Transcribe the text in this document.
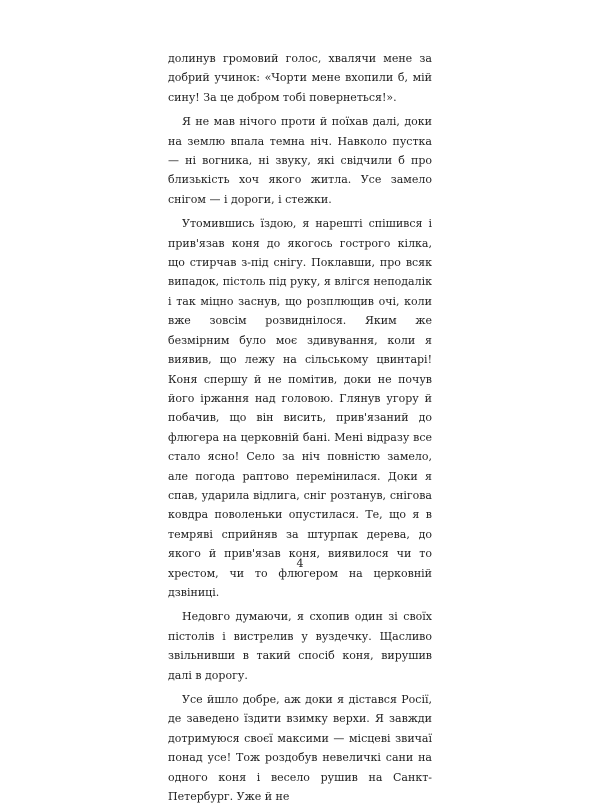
долинув громовий голос, хвалячи мене за добрий учинок: «Чорти мене вхопили б, мій сину! За це добром тобі повернеться!».

Я не мав нічого проти й поїхав далі, доки на землю впала темна ніч. Навколо пустка — ні вогника, ні звуку, які свідчили б про близькість хоч якого житла. Усе замело снігом — і дороги, і стежки.

Утомившись їздою, я нарешті спішився і прив'язав коня до якогось гострого кілка, що стирчав з-під снігу. Поклавши, про всяк випадок, пістоль під руку, я влігся неподалік і так міцно заснув, що розплющив очі, коли вже зовсім розвиднілося. Яким же безмірним було моє здивування, коли я виявив, що лежу на сільському цвинтарі! Коня спершу й не помітив, доки не почув його іржання над головою. Глянув угору й побачив, що він висить, прив'язаний до флюгера на церковній бані. Мені відразу все стало ясно! Село за ніч повністю замело, але погода раптово перемінилася. Доки я спав, ударила відлига, сніг розтанув, снігова ковдра поволеньки опустилася. Те, що я в темряві сприйняв за штурпак дерева, до якого й прив'язав коня, виявилося чи то хрестом, чи то флюгером на церковній дзвіниці.

Недовго думаючи, я схопив один зі своїх пістолів і вистрелив у вуздечку. Щасливо звільнивши в такий спосіб коня, вирушив далі в дорогу.

Усе йшло добре, аж доки я дістався Росії, де заведено їздити взимку верхи. Я завжди дотримуюся своєї максими — місцеві звичаї понад усе! Тож роздобув невеличкі сани на одного коня і весело рушив на Санкт-Петербург. Уже й не

4
